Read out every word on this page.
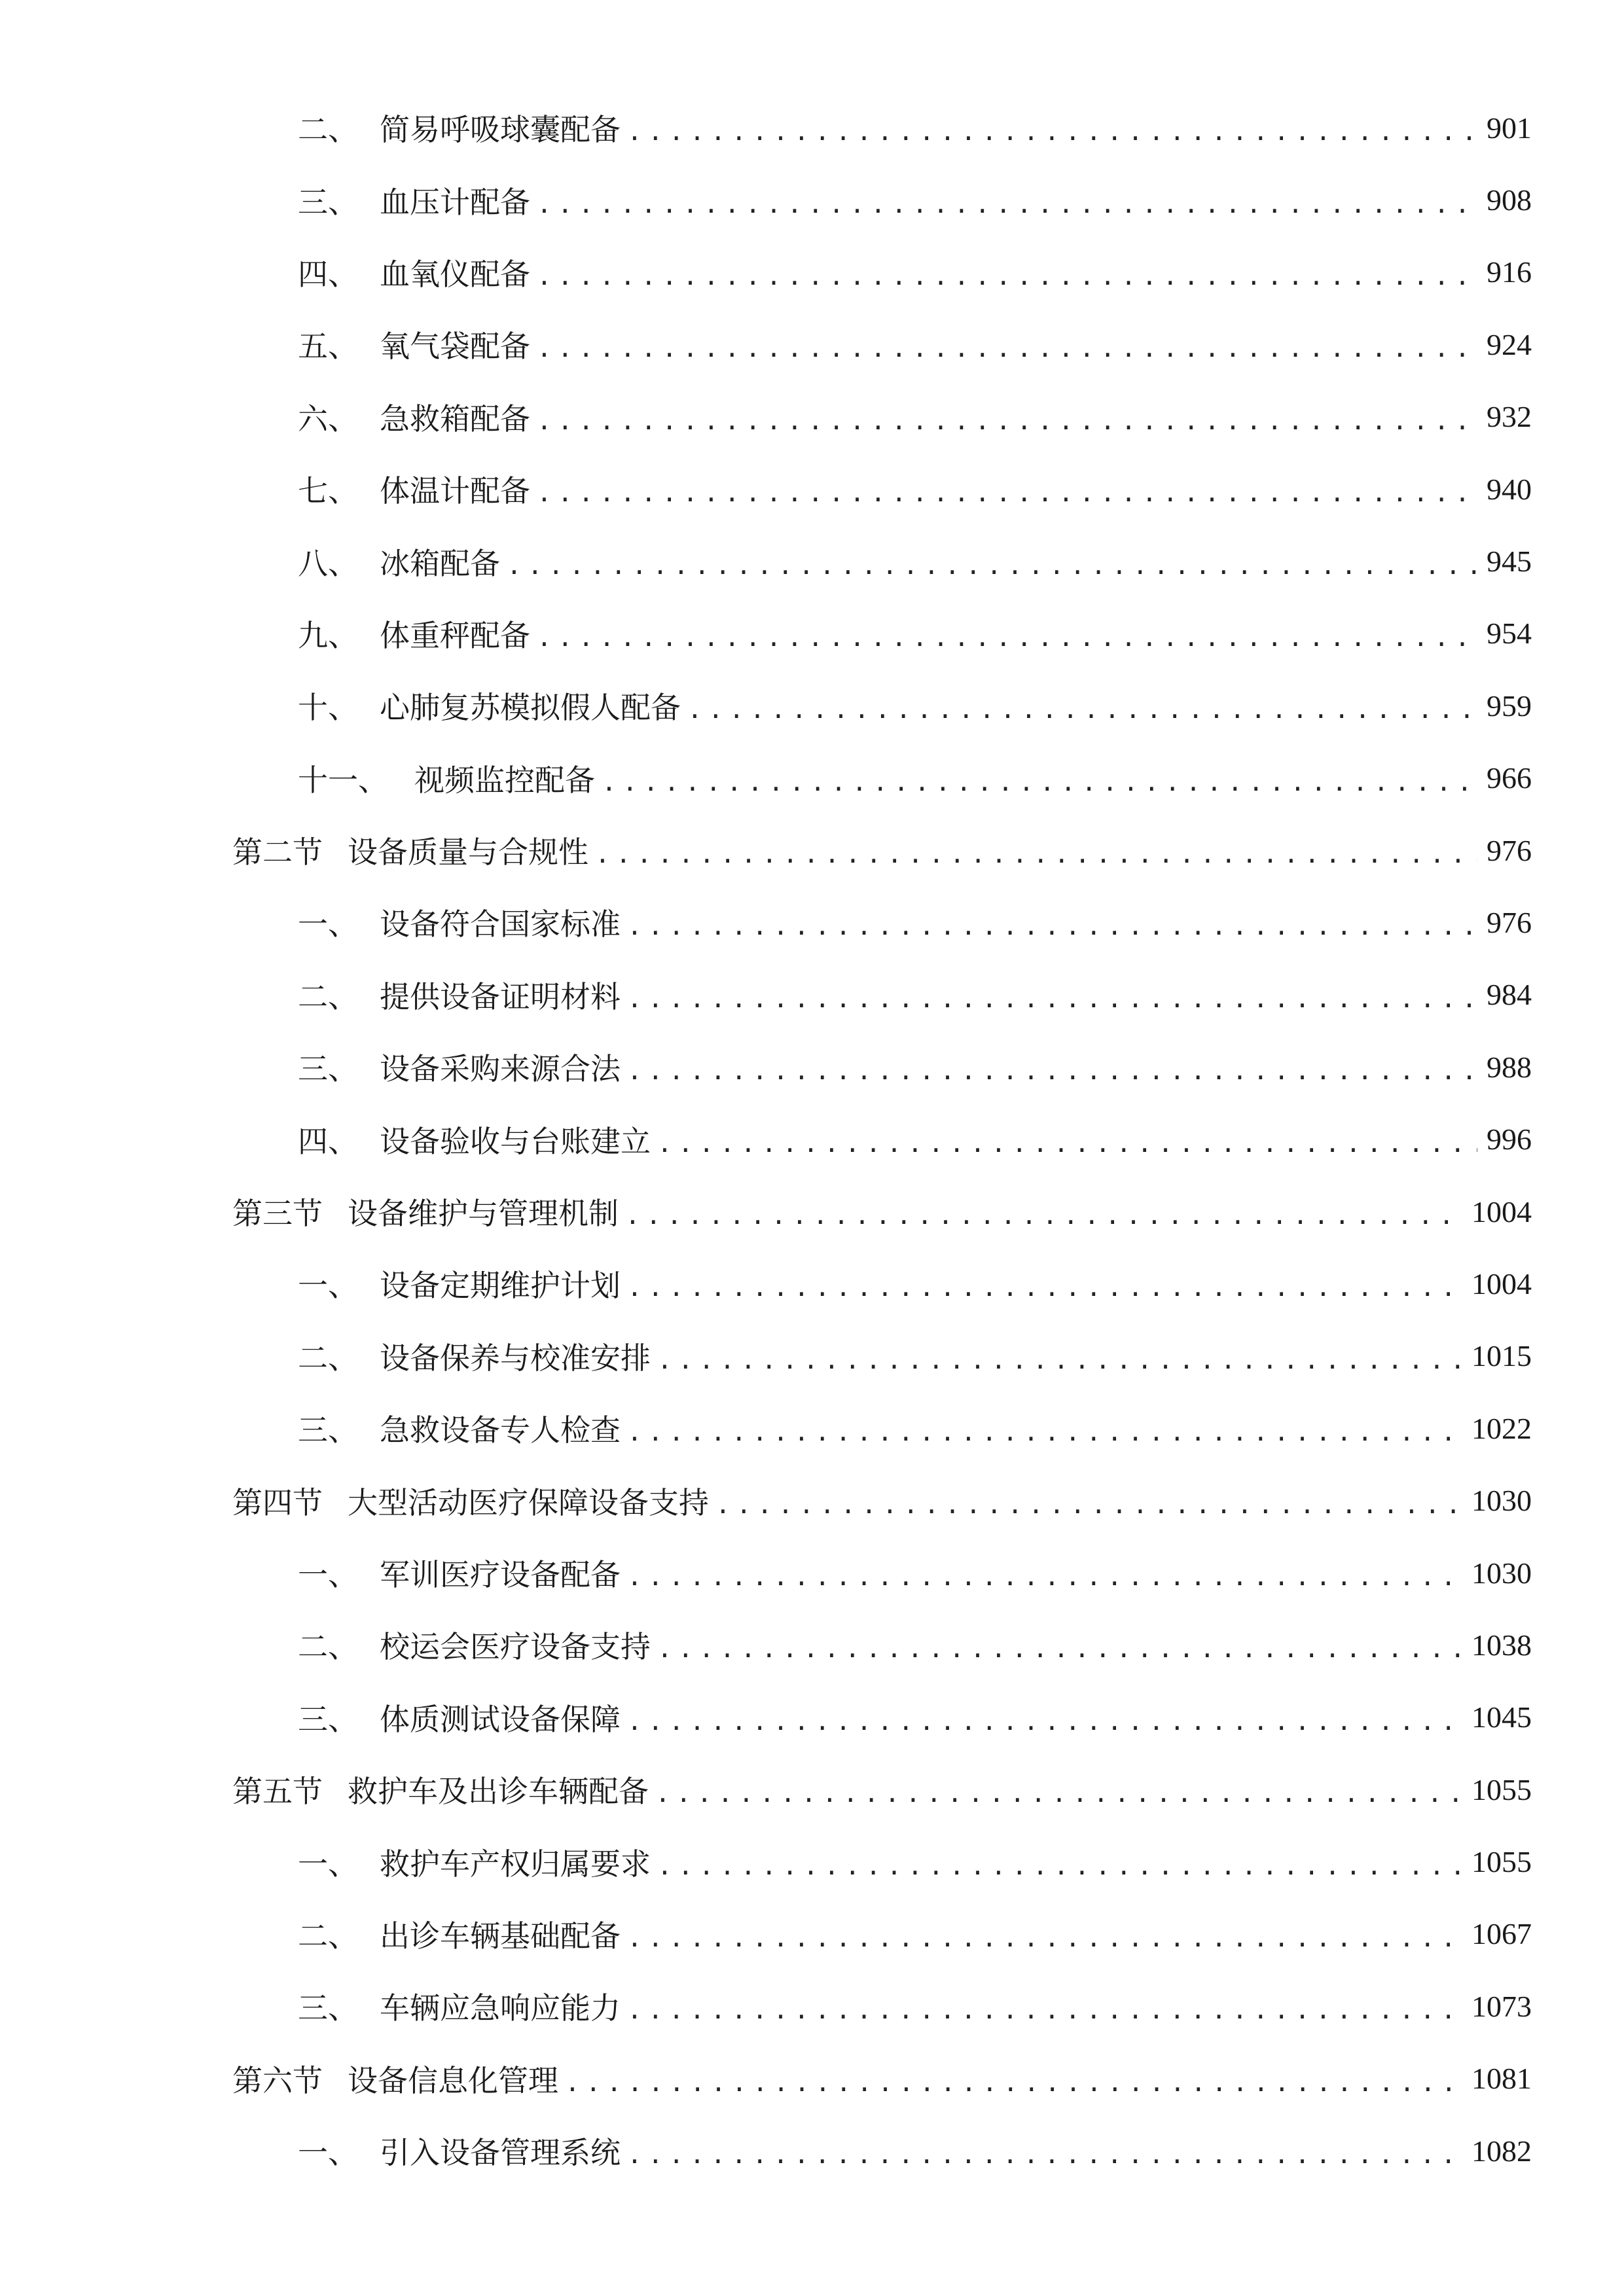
二、 简易呼吸球囊配备 .....	901
三、 血压计配备 .....	908
四、 血氧仪配备 .....	916
五、 氧气袋配备 .....	924
六、 急救箱配备 .....	932
七、 体温计配备 .....	940
八、 冰箱配备 .....	945
九、 体重秤配备 .....	954
十、 心肺复苏模拟假人配备 .....	959
十一、 视频监控配备 .....	966
第二节 设备质量与合规性 .....	976
一、 设备符合国家标准 .....	976
二、 提供设备证明材料 .....	984
三、 设备采购来源合法 .....	988
四、 设备验收与台账建立 .....	996
第三节 设备维护与管理机制 .....	1004
一、 设备定期维护计划 .....	1004
二、 设备保养与校准安排 .....	1015
三、 急救设备专人检查 .....	1022
第四节 大型活动医疗保障设备支持 .....	1030
一、 军训医疗设备配备 .....	1030
二、 校运会医疗设备支持 .....	1038
三、 体质测试设备保障 .....	1045
第五节 救护车及出诊车辆配备 .....	1055
一、 救护车产权归属要求 .....	1055
二、 出诊车辆基础配备 .....	1067
三、 车辆应急响应能力 .....	1073
第六节 设备信息化管理 .....	1081
一、 引入设备管理系统 .....	1082
